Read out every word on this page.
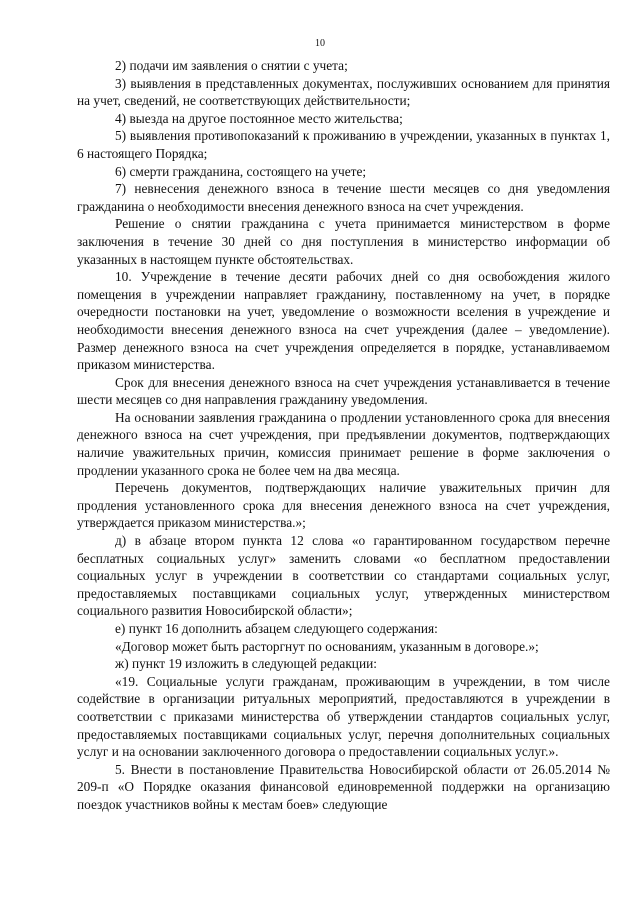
10

2) подачи им заявления о снятии с учета;

3) выявления в представленных документах, послуживших основанием для принятия на учет, сведений, не соответствующих действительности;

4) выезда на другое постоянное место жительства;

5) выявления противопоказаний к проживанию в учреждении, указанных в пунктах 1, 6 настоящего Порядка;

6) смерти гражданина, состоящего на учете;

7) невнесения денежного взноса в течение шести месяцев со дня уведомления гражданина о необходимости внесения денежного взноса на счет учреждения.

Решение о снятии гражданина с учета принимается министерством в форме заключения в течение 30 дней со дня поступления в министерство информации об указанных в настоящем пункте обстоятельствах.

10. Учреждение в течение десяти рабочих дней со дня освобождения жилого помещения в учреждении направляет гражданину, поставленному на учет, в порядке очередности постановки на учет, уведомление о возможности вселения в учреждение и необходимости внесения денежного взноса на счет учреждения (далее – уведомление). Размер денежного взноса на счет учреждения определяется в порядке, устанавливаемом приказом министерства.

Срок для внесения денежного взноса на счет учреждения устанавливается в течение шести месяцев со дня направления гражданину уведомления.

На основании заявления гражданина о продлении установленного срока для внесения денежного взноса на счет учреждения, при предъявлении документов, подтверждающих наличие уважительных причин, комиссия принимает решение в форме заключения о продлении указанного срока не более чем на два месяца.

Перечень документов, подтверждающих наличие уважительных причин для продления установленного срока для внесения денежного взноса на счет учреждения, утверждается приказом министерства.»;

д) в абзаце втором пункта 12 слова «о гарантированном государством перечне бесплатных социальных услуг» заменить словами «о бесплатном предоставлении социальных услуг в учреждении в соответствии со стандартами социальных услуг, предоставляемых поставщиками социальных услуг, утвержденных министерством социального развития Новосибирской области»;

е) пункт 16 дополнить абзацем следующего содержания:

«Договор может быть расторгнут по основаниям, указанным в договоре.»;

ж) пункт 19 изложить в следующей редакции:

«19. Социальные услуги гражданам, проживающим в учреждении, в том числе содействие в организации ритуальных мероприятий, предоставляются в учреждении в соответствии с приказами министерства об утверждении стандартов социальных услуг, предоставляемых поставщиками социальных услуг, перечня дополнительных социальных услуг и на основании заключенного договора о предоставлении социальных услуг.».

5. Внести в постановление Правительства Новосибирской области от 26.05.2014 № 209-п «О Порядке оказания финансовой единовременной поддержки на организацию поездок участников войны к местам боев» следующие
